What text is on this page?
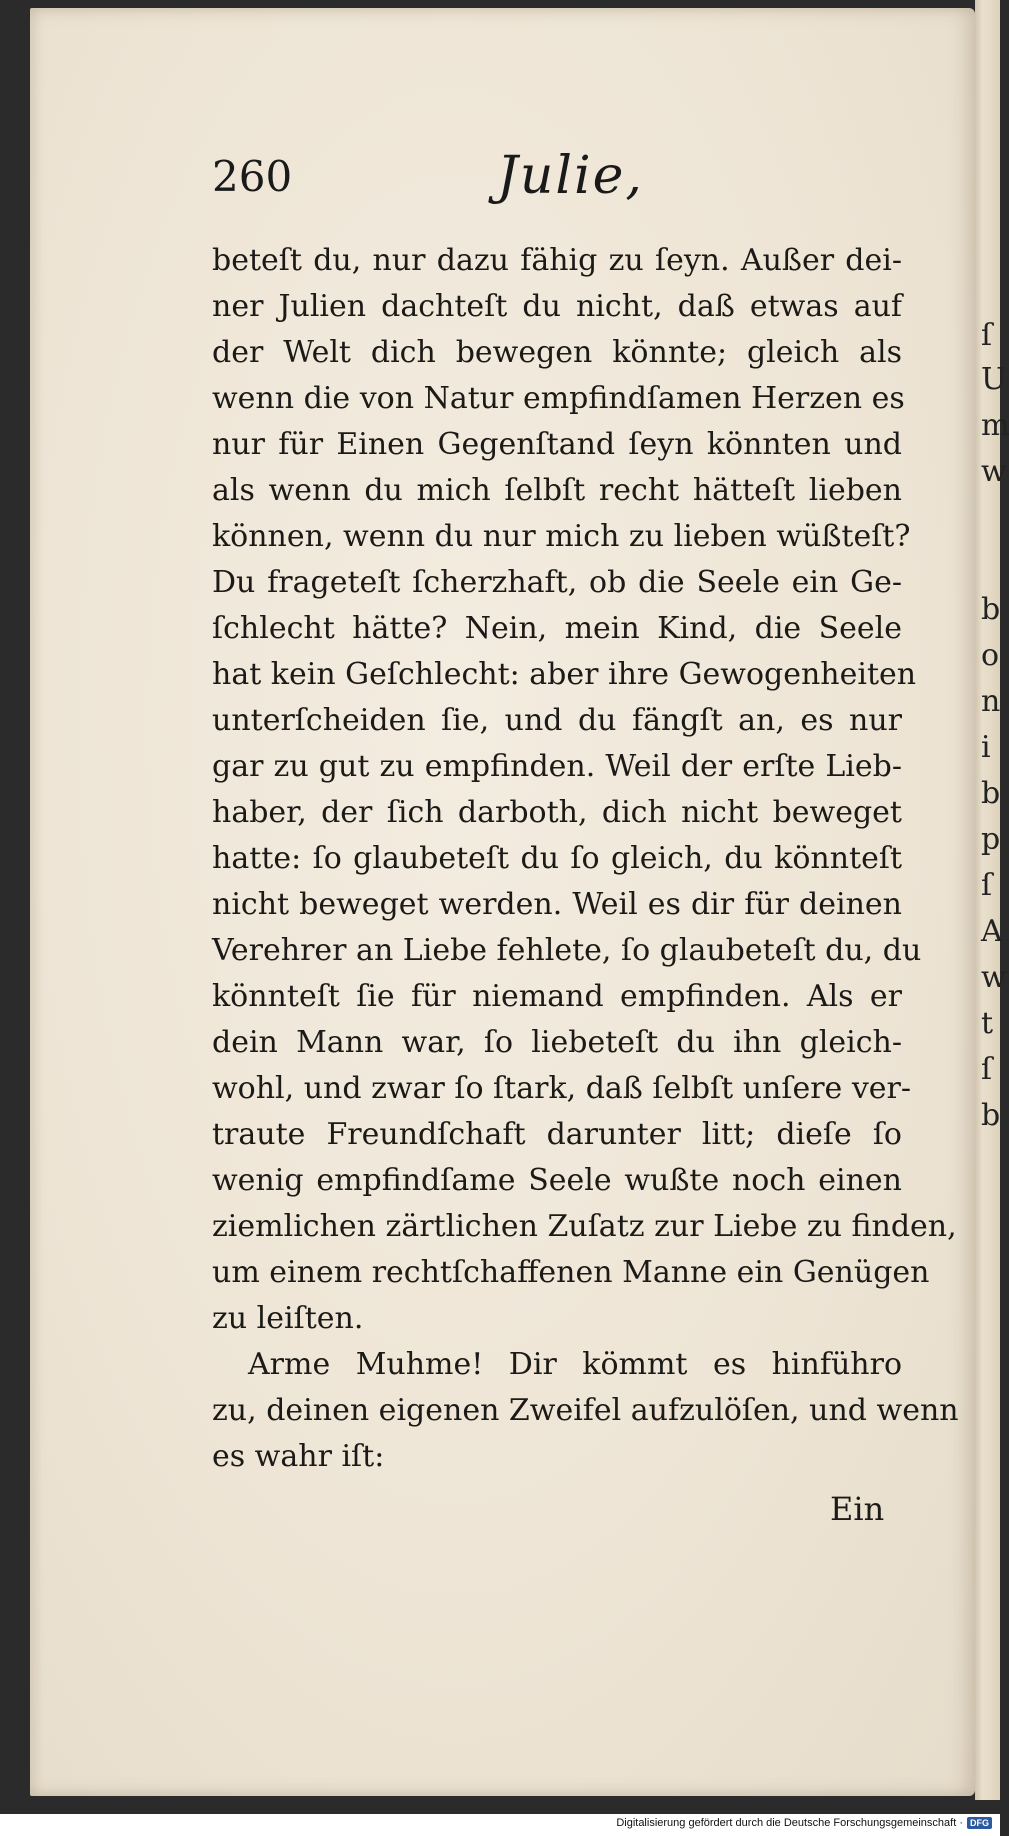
260	Julie,
beteſt du, nur dazu fähig zu ſeyn. Außer dei-
ner Julien dachteſt du nicht, daß etwas auf
der Welt dich bewegen könnte; gleich als
wenn die von Natur empfindſamen Herzen es
nur für Einen Gegenſtand ſeyn könnten und
als wenn du mich ſelbſt recht hätteſt lieben
können, wenn du nur mich zu lieben wüßteſt?
Du frageteſt ſcherzhaft, ob die Seele ein Ge-
ſchlecht hätte? Nein, mein Kind, die Seele
hat kein Geſchlecht: aber ihre Gewogenheiten
unterſcheiden ſie, und du fängſt an, es nur
gar zu gut zu empfinden. Weil der erſte Lieb-
haber, der ſich darboth, dich nicht beweget
hatte: ſo glaubeteſt du ſo gleich, du könnteſt
nicht beweget werden. Weil es dir für deinen
Verehrer an Liebe fehlete, ſo glaubeteſt du, du
könnteſt ſie für niemand empfinden. Als er
dein Mann war, ſo liebeteſt du ihn gleich-
wohl, und zwar ſo ſtark, daß ſelbſt unſere ver-
traute Freundſchaft darunter litt; dieſe ſo
wenig empfindſame Seele wußte noch einen
ziemlichen zärtlichen Zuſatz zur Liebe zu finden,
um einem rechtſchaffenen Manne ein Genügen
zu leiſten.
Arme Muhme! Dir kömmt es hinführo
zu, deinen eigenen Zweifel aufzulöſen, und wenn
es wahr iſt:
Ein
ſ
U
m
w
b
o
n
i
b
p
ſ
A
w
t
ſ
b
Digitalisierung gefördert durch die Deutsche Forschungsgemeinschaft · DFG
